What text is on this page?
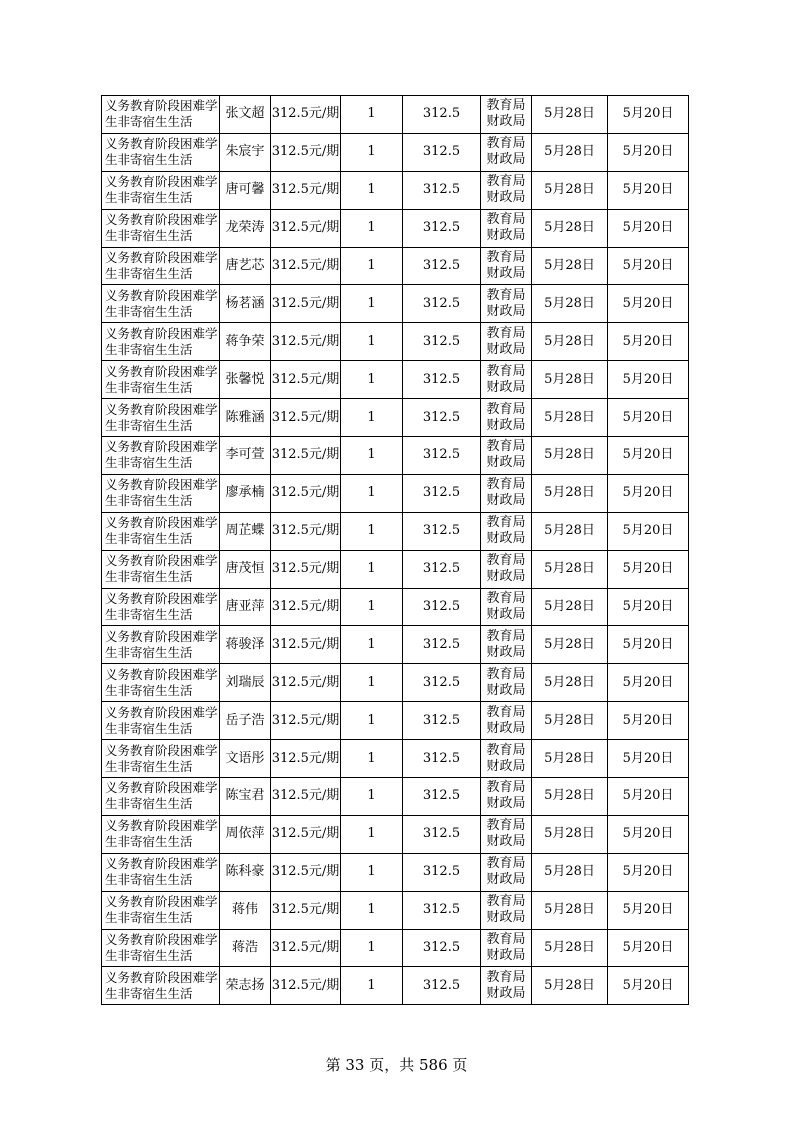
义务教育阶段困难学生非寄宿生生活	张文超	312.5元/期	1	312.5	教育局财政局	5月28日	5月20日
义务教育阶段困难学生非寄宿生生活	朱宸宇	312.5元/期	1	312.5	教育局财政局	5月28日	5月20日
义务教育阶段困难学生非寄宿生生活	唐可馨	312.5元/期	1	312.5	教育局财政局	5月28日	5月20日
义务教育阶段困难学生非寄宿生生活	龙荣涛	312.5元/期	1	312.5	教育局财政局	5月28日	5月20日
义务教育阶段困难学生非寄宿生生活	唐艺芯	312.5元/期	1	312.5	教育局财政局	5月28日	5月20日
义务教育阶段困难学生非寄宿生生活	杨茗涵	312.5元/期	1	312.5	教育局财政局	5月28日	5月20日
义务教育阶段困难学生非寄宿生生活	蒋争荣	312.5元/期	1	312.5	教育局财政局	5月28日	5月20日
义务教育阶段困难学生非寄宿生生活	张馨悦	312.5元/期	1	312.5	教育局财政局	5月28日	5月20日
义务教育阶段困难学生非寄宿生生活	陈雅涵	312.5元/期	1	312.5	教育局财政局	5月28日	5月20日
义务教育阶段困难学生非寄宿生生活	李可萱	312.5元/期	1	312.5	教育局财政局	5月28日	5月20日
义务教育阶段困难学生非寄宿生生活	廖承楠	312.5元/期	1	312.5	教育局财政局	5月28日	5月20日
义务教育阶段困难学生非寄宿生生活	周芷蝶	312.5元/期	1	312.5	教育局财政局	5月28日	5月20日
义务教育阶段困难学生非寄宿生生活	唐茂恒	312.5元/期	1	312.5	教育局财政局	5月28日	5月20日
义务教育阶段困难学生非寄宿生生活	唐亚萍	312.5元/期	1	312.5	教育局财政局	5月28日	5月20日
义务教育阶段困难学生非寄宿生生活	蒋骏泽	312.5元/期	1	312.5	教育局财政局	5月28日	5月20日
义务教育阶段困难学生非寄宿生生活	刘瑞辰	312.5元/期	1	312.5	教育局财政局	5月28日	5月20日
义务教育阶段困难学生非寄宿生生活	岳子浩	312.5元/期	1	312.5	教育局财政局	5月28日	5月20日
义务教育阶段困难学生非寄宿生生活	文语彤	312.5元/期	1	312.5	教育局财政局	5月28日	5月20日
义务教育阶段困难学生非寄宿生生活	陈宝君	312.5元/期	1	312.5	教育局财政局	5月28日	5月20日
义务教育阶段困难学生非寄宿生生活	周依萍	312.5元/期	1	312.5	教育局财政局	5月28日	5月20日
义务教育阶段困难学生非寄宿生生活	陈科豪	312.5元/期	1	312.5	教育局财政局	5月28日	5月20日
义务教育阶段困难学生非寄宿生生活	蒋伟	312.5元/期	1	312.5	教育局财政局	5月28日	5月20日
义务教育阶段困难学生非寄宿生生活	蒋浩	312.5元/期	1	312.5	教育局财政局	5月28日	5月20日
义务教育阶段困难学生非寄宿生生活	荣志扬	312.5元/期	1	312.5	教育局财政局	5月28日	5月20日
第 33 页，共 586 页
